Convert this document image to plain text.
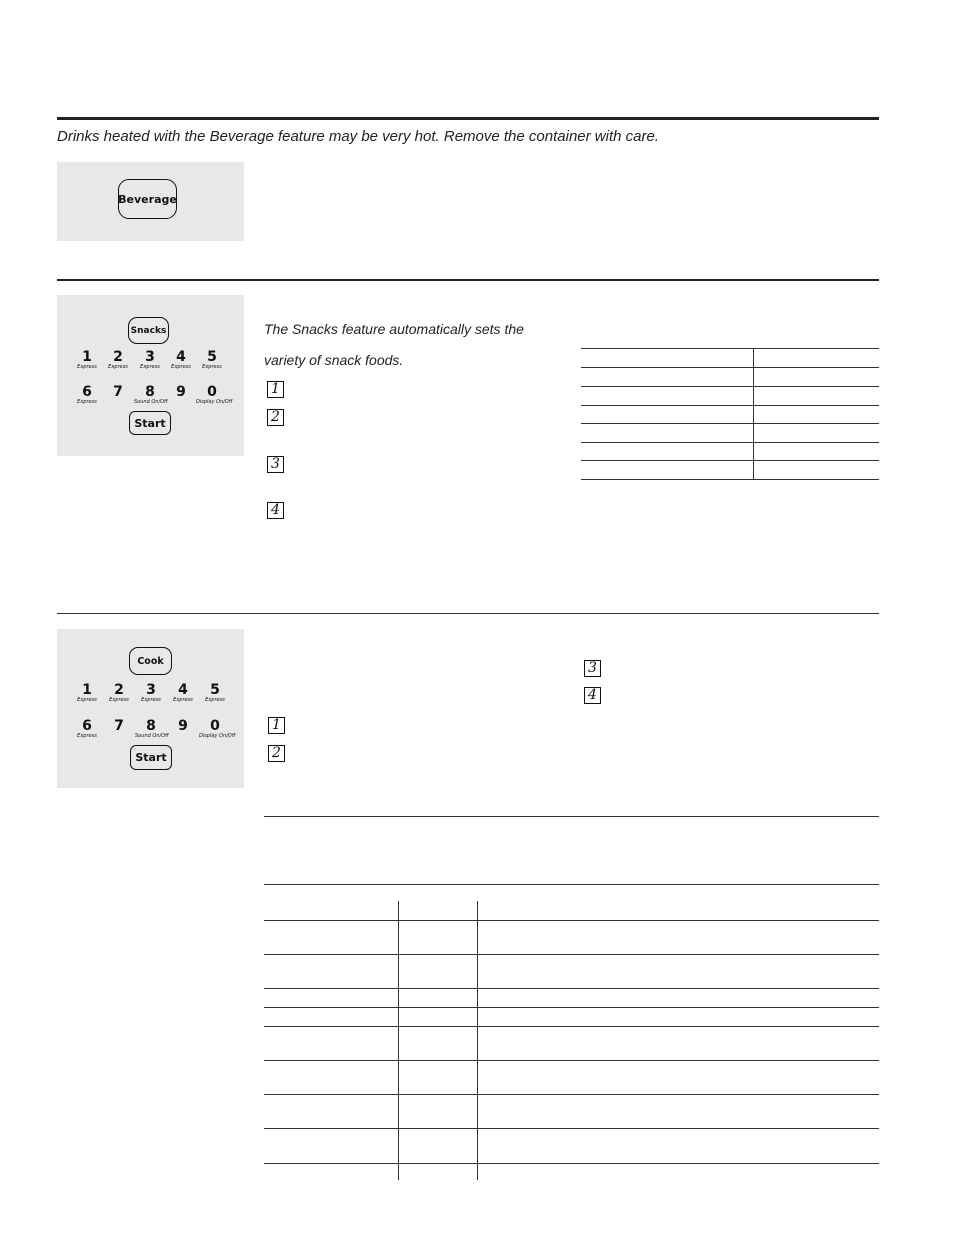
Drinks heated with the Beverage feature may be very hot. Remove the container with care.
Beverage
Snacks
1
Express
2
Express
3
Express
4
Express
5
Express
6
Express
7	8
Sound On/Off
9	0
Display On/Off
Start
The Snacks feature automatically sets the
variety of snack foods.
1
2
3
4
Cook
1
Express
2
Express
3
Express
4
Express
5
Express
6
Express
7	8
Sound On/Off
9	0
Display On/Off
Start
3
4
1
2
